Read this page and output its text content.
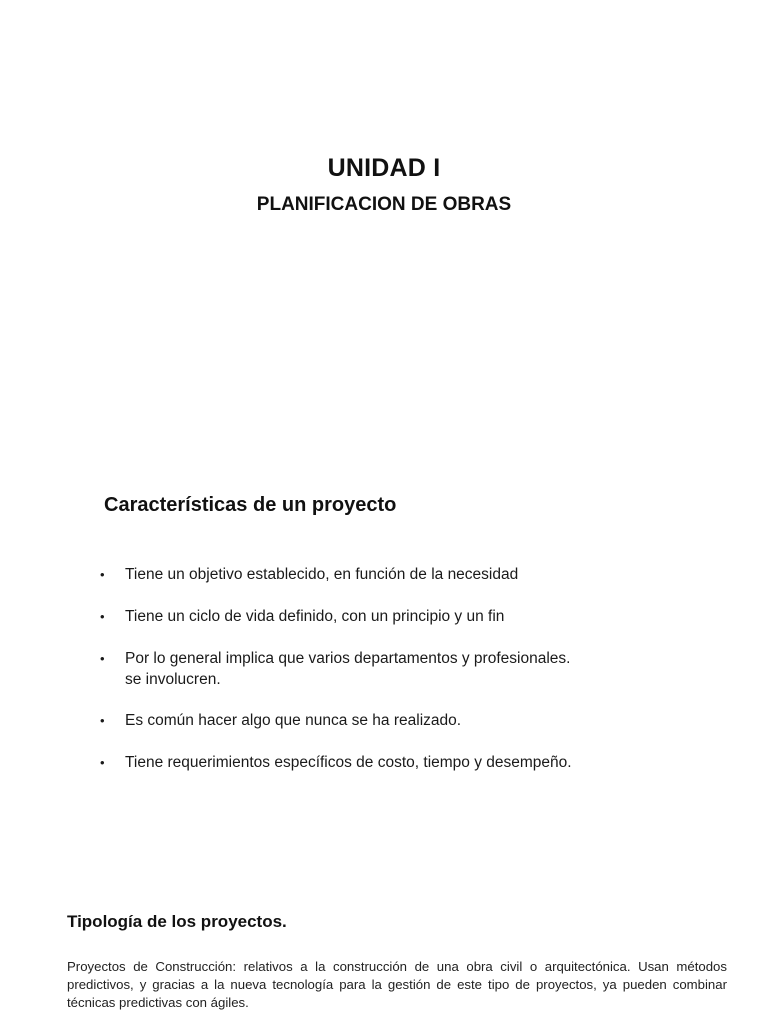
UNIDAD I
PLANIFICACION DE OBRAS
Características de un proyecto
•	Tiene un objetivo establecido, en función de la necesidad
•	Tiene un ciclo de vida definido, con un principio y un fin
•	Por lo general implica que varios departamentos y profesionales.
se involucren.
•	Es común hacer algo que nunca se ha realizado.
•	Tiene requerimientos específicos de costo, tiempo y desempeño.
Tipología de los proyectos.

Proyectos de Construcción: relativos a la construcción de una obra civil o arquitectónica. Usan métodos predictivos, y gracias a la nueva tecnología para la gestión de este tipo de proyectos, ya pueden combinar técnicas predictivas con ágiles.
